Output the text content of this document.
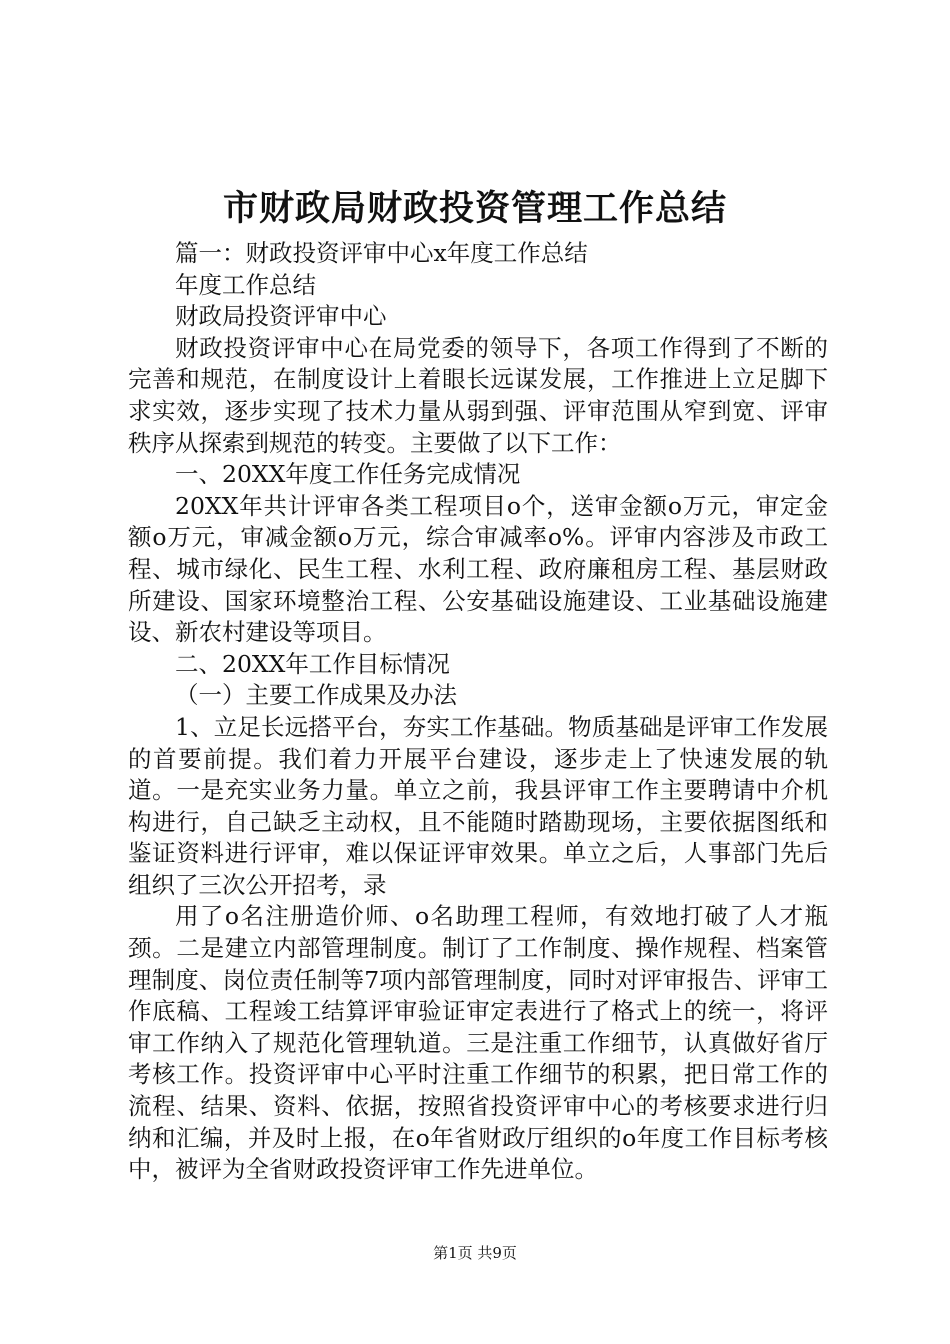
市财政局财政投资管理工作总结

篇一：财政投资评审中心x年度工作总结

年度工作总结

财政局投资评审中心

财政投资评审中心在局党委的领导下，各项工作得到了不断的完善和规范，在制度设计上着眼长远谋发展，工作推进上立足脚下求实效，逐步实现了技术力量从弱到强、评审范围从窄到宽、评审秩序从探索到规范的转变。主要做了以下工作：

一、20XX年度工作任务完成情况

20XX年共计评审各类工程项目o个，送审金额o万元，审定金额o万元，审减金额o万元，综合审减率o%。评审内容涉及市政工程、城市绿化、民生工程、水利工程、政府廉租房工程、基层财政所建设、国家环境整治工程、公安基础设施建设、工业基础设施建设、新农村建设等项目。

二、20XX年工作目标情况

（一）主要工作成果及办法

1、立足长远搭平台，夯实工作基础。物质基础是评审工作发展的首要前提。我们着力开展平台建设，逐步走上了快速发展的轨道。一是充实业务力量。单立之前，我县评审工作主要聘请中介机构进行，自己缺乏主动权，且不能随时踏勘现场，主要依据图纸和鉴证资料进行评审，难以保证评审效果。单立之后，人事部门先后组织了三次公开招考，录

用了o名注册造价师、o名助理工程师，有效地打破了人才瓶颈。二是建立内部管理制度。制订了工作制度、操作规程、档案管理制度、岗位责任制等7项内部管理制度，同时对评审报告、评审工作底稿、工程竣工结算评审验证审定表进行了格式上的统一，将评审工作纳入了规范化管理轨道。三是注重工作细节，认真做好省厅考核工作。投资评审中心平时注重工作细节的积累，把日常工作的流程、结果、资料、依据，按照省投资评审中心的考核要求进行归纳和汇编，并及时上报，在o年省财政厅组织的o年度工作目标考核中，被评为全省财政投资评审工作先进单位。

第1页 共9页
